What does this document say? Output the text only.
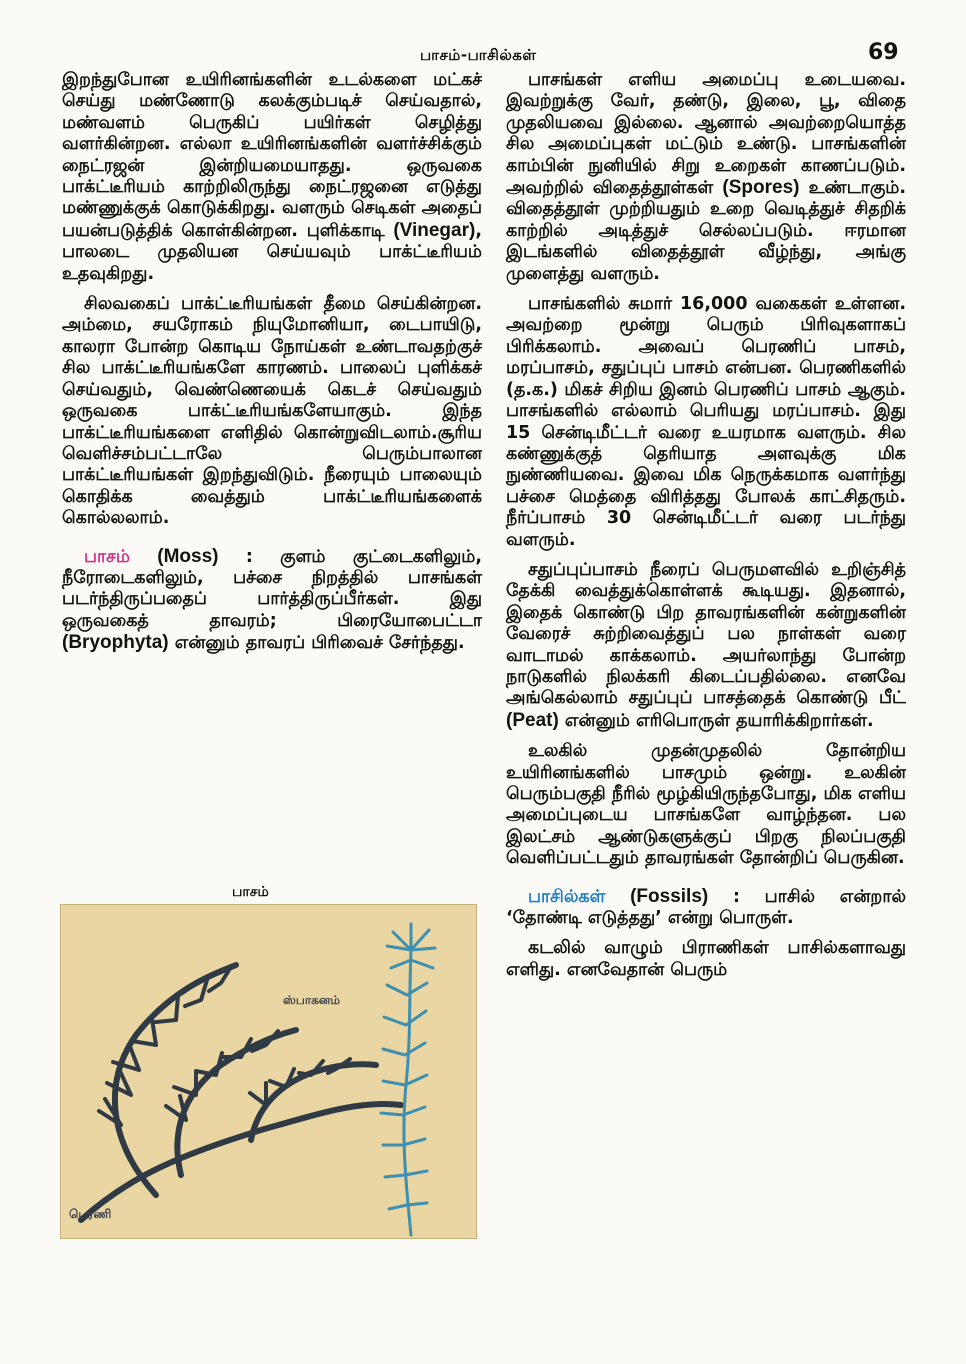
பாசம்-பாசில்கள்	69

இறந்துபோன உயிரினங்களின் உடல்களை மட்கச் செய்து மண்ணோடு கலக்கும்படிச் செய்வதால், மண்வளம் பெருகிப் பயிர்கள் செழித்து வளர்கின்றன. எல்லா உயிரினங்களின் வளர்ச்சிக்கும் நைட்ரஜன் இன்றியமையாதது. ஒருவகை பாக்ட்டீரியம் காற்றிலிருந்து நைட்ரஜனை எடுத்து மண்ணுக்குக் கொடுக்கிறது. வளரும் செடிகள் அதைப் பயன்படுத்திக் கொள்கின்றன. புளிக்காடி (Vinegar), பாலடை முதலியன செய்யவும் பாக்ட்டீரியம் உதவுகிறது.

சிலவகைப் பாக்ட்டீரியங்கள் தீமை செய்கின்றன. அம்மை, சயரோகம் நியுமோனியா, டைபாயிடு, காலரா போன்ற கொடிய நோய்கள் உண்டாவதற்குச் சில பாக்ட்டீரியங்களே காரணம். பாலைப் புளிக்கச் செய்வதும், வெண்ணெயைக் கெடச் செய்வதும் ஒருவகை பாக்ட்டீரியங்களேயாகும். இந்த பாக்ட்டீரியங்களை எளிதில் கொன்றுவிடலாம்.சூரிய வெளிச்சம்பட்டாலே பெரும்பாலான பாக்ட்டீரியங்கள் இறந்துவிடும். நீரையும் பாலையும் கொதிக்க வைத்தும் பாக்ட்டீரியங்களைக் கொல்லலாம்.

பாசம் (Moss) : குளம் குட்டைகளிலும், நீரோடைகளிலும், பச்சை நிறத்தில் பாசங்கள் படர்ந்திருப்பதைப் பார்த்திருப்பீர்கள். இது ஒருவகைத் தாவரம்; பிரையோபைட்டா (Bryophyta) என்னும் தாவரப் பிரிவைச் சேர்ந்தது.

பாசம்
ஸ்பாகனம்
பெரணி

பாசங்கள் எளிய அமைப்பு உடையவை. இவற்றுக்கு வேர், தண்டு, இலை, பூ, விதை முதலியவை இல்லை. ஆனால் அவற்றையொத்த சில அமைப்புகள் மட்டும் உண்டு. பாசங்களின் காம்பின் நுனியில் சிறு உறைகள் காணப்படும். அவற்றில் விதைத்தூள்கள் (Spores) உண்டாகும். விதைத்தூள் முற்றியதும் உறை வெடித்துச் சிதறிக் காற்றில் அடித்துச் செல்லப்படும். ஈரமான இடங்களில் விதைத்தூள் வீழ்ந்து, அங்கு முளைத்து வளரும்.

பாசங்களில் சுமார் 16,000 வகைகள் உள்ளன. அவற்றை மூன்று பெரும் பிரிவுகளாகப் பிரிக்கலாம். அவைப் பெரணிப் பாசம், மரப்பாசம், சதுப்புப் பாசம் என்பன. பெரணிகளில் (த.க.) மிகச் சிறிய இனம் பெரணிப் பாசம் ஆகும். பாசங்களில் எல்லாம் பெரியது மரப்பாசம். இது 15 சென்டிமீட்டர் வரை உயரமாக வளரும். சில கண்ணுக்குத் தெரியாத அளவுக்கு மிக நுண்ணியவை. இவை மிக நெருக்கமாக வளர்ந்து பச்சை மெத்தை விரித்தது போலக் காட்சிதரும். நீர்ப்பாசம் 30 சென்டிமீட்டர் வரை படர்ந்து வளரும்.

சதுப்புப்பாசம் நீரைப் பெருமளவில் உறிஞ்சித் தேக்கி வைத்துக்கொள்ளக் கூடியது. இதனால், இதைக் கொண்டு பிற தாவரங்களின் கன்றுகளின் வேரைச் சுற்றிவைத்துப் பல நாள்கள் வரை வாடாமல் காக்கலாம். அயர்லாந்து போன்ற நாடுகளில் நிலக்கரி கிடைப்பதில்லை. எனவே அங்கெல்லாம் சதுப்புப் பாசத்தைக் கொண்டு பீட் (Peat) என்னும் எரிபொருள் தயாரிக்கிறார்கள்.

உலகில் முதன்முதலில் தோன்றிய உயிரினங்களில் பாசமும் ஒன்று. உலகின் பெரும்பகுதி நீரில் மூழ்கியிருந்தபோது, மிக எளிய அமைப்புடைய பாசங்களே வாழ்ந்தன. பல இலட்சம் ஆண்டுகளுக்குப் பிறகு நிலப்பகுதி வெளிப்பட்டதும் தாவரங்கள் தோன்றிப் பெருகின.

பாசில்கள் (Fossils) : பாசில் என்றால் ‘தோண்டி எடுத்தது’ என்று பொருள்.

கடலில் வாழும் பிராணிகள் பாசில்களாவது எளிது. எனவேதான் பெரும்
